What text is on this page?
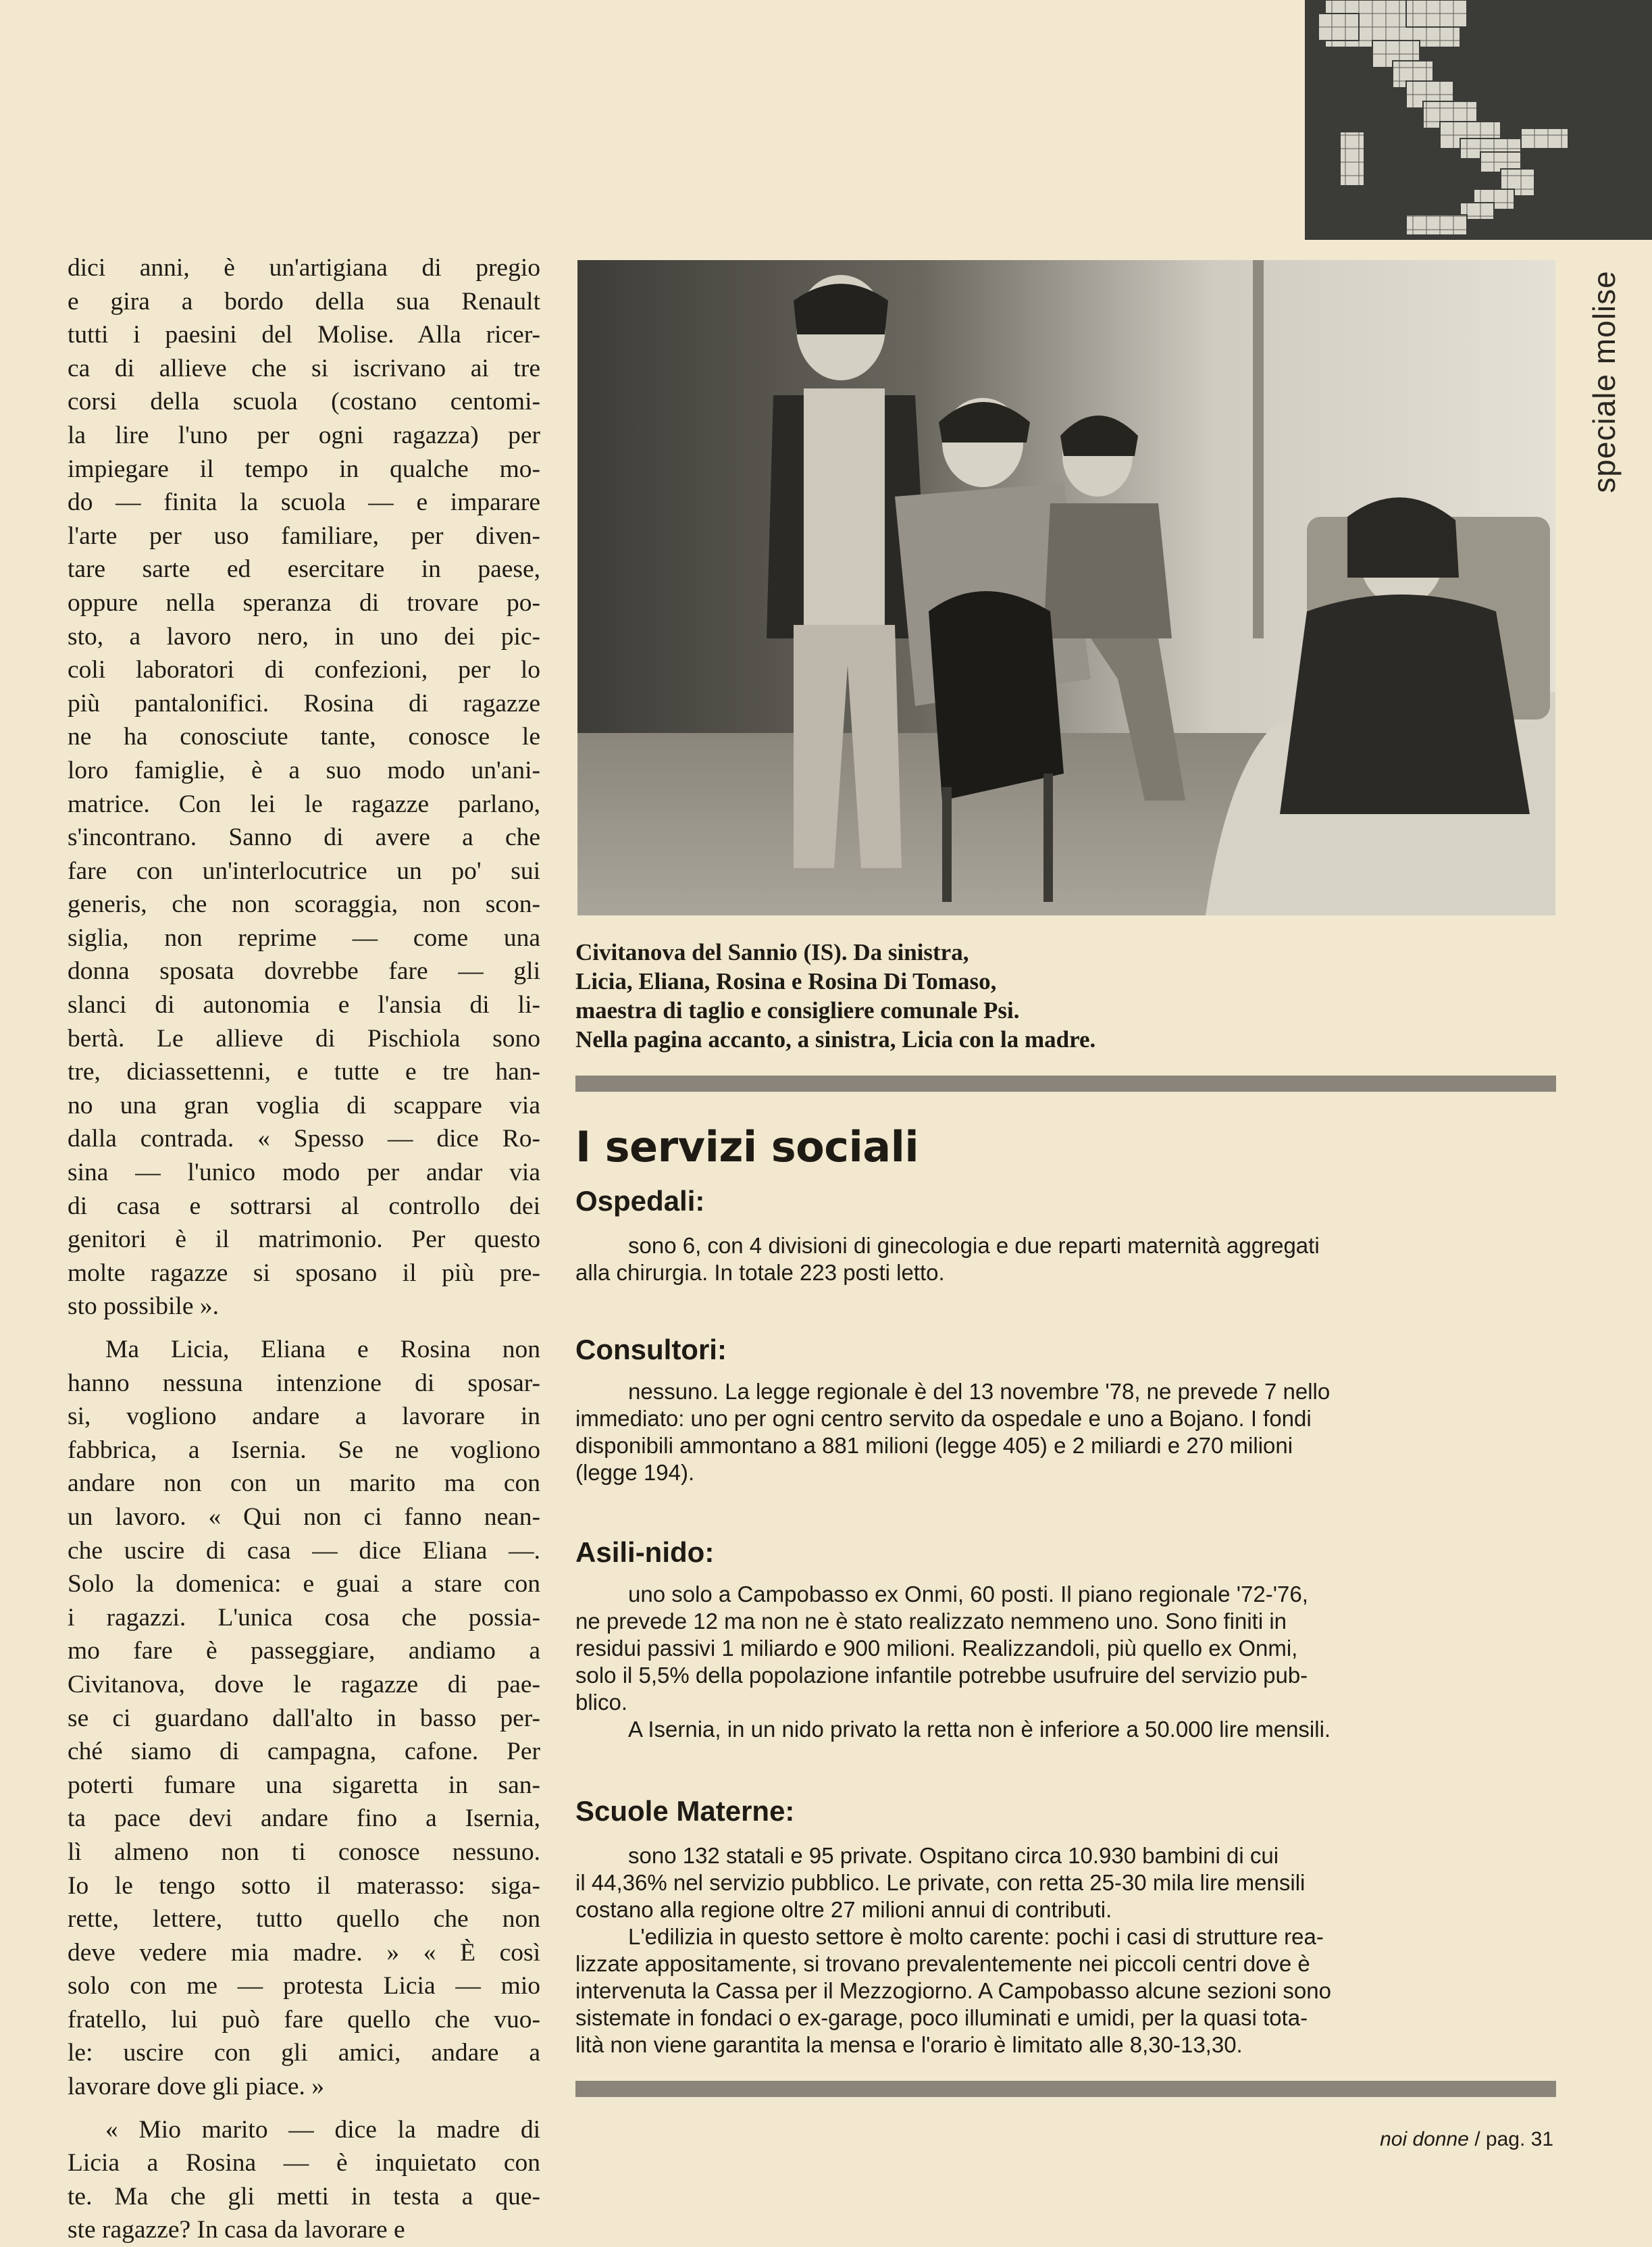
speciale molise

dici anni, è un'artigiana di pregio
e gira a bordo della sua Renault
tutti i paesini del Molise. Alla ricer-
ca di allieve che si iscrivano ai tre
corsi della scuola (costano centomi-
la lire l'uno per ogni ragazza) per
impiegare il tempo in qualche mo-
do — finita la scuola — e imparare
l'arte per uso familiare, per diven-
tare sarte ed esercitare in paese,
oppure nella speranza di trovare po-
sto, a lavoro nero, in uno dei pic-
coli laboratori di confezioni, per lo
più pantalonifici. Rosina di ragazze
ne ha conosciute tante, conosce le
loro famiglie, è a suo modo un'ani-
matrice. Con lei le ragazze parlano,
s'incontrano. Sanno di avere a che
fare con un'interlocutrice un po' sui
generis, che non scoraggia, non scon-
siglia, non reprime — come una
donna sposata dovrebbe fare — gli
slanci di autonomia e l'ansia di li-
bertà. Le allieve di Pischiola sono
tre, diciassettenni, e tutte e tre han-
no una gran voglia di scappare via
dalla contrada. « Spesso — dice Ro-
sina — l'unico modo per andar via
di casa e sottrarsi al controllo dei
genitori è il matrimonio. Per questo
molte ragazze si sposano il più pre-
sto possibile ».

Ma Licia, Eliana e Rosina non
hanno nessuna intenzione di sposar-
si, vogliono andare a lavorare in
fabbrica, a Isernia. Se ne vogliono
andare non con un marito ma con
un lavoro. « Qui non ci fanno nean-
che uscire di casa — dice Eliana —.
Solo la domenica: e guai a stare con
i ragazzi. L'unica cosa che possia-
mo fare è passeggiare, andiamo a
Civitanova, dove le ragazze di pae-
se ci guardano dall'alto in basso per-
ché siamo di campagna, cafone. Per
poterti fumare una sigaretta in san-
ta pace devi andare fino a Isernia,
lì almeno non ti conosce nessuno.
Io le tengo sotto il materasso: siga-
rette, lettere, tutto quello che non
deve vedere mia madre. » « È così
solo con me — protesta Licia — mio
fratello, lui può fare quello che vuo-
le: uscire con gli amici, andare a
lavorare dove gli piace. »

« Mio marito — dice la madre di
Licia a Rosina — è inquietato con
te. Ma che gli metti in testa a que-
ste ragazze? In casa da lavorare e

Civitanova del Sannio (IS). Da sinistra,
Licia, Eliana, Rosina e Rosina Di Tomaso,
maestra di taglio e consigliere comunale Psi.
Nella pagina accanto, a sinistra, Licia con la madre.
I servizi sociali
Ospedali:
sono 6, con 4 divisioni di ginecologia e due reparti maternità aggregati
alla chirurgia. In totale 223 posti letto.
Consultori:
nessuno. La legge regionale è del 13 novembre '78, ne prevede 7 nello
immediato: uno per ogni centro servito da ospedale e uno a Bojano. I fondi
disponibili ammontano a 881 milioni (legge 405) e 2 miliardi e 270 milioni
(legge 194).
Asili-nido:
uno solo a Campobasso ex Onmi, 60 posti. Il piano regionale '72-'76,
ne prevede 12 ma non ne è stato realizzato nemmeno uno. Sono finiti in
residui passivi 1 miliardo e 900 milioni. Realizzandoli, più quello ex Onmi,
solo il 5,5% della popolazione infantile potrebbe usufruire del servizio pub-
blico.
A Isernia, in un nido privato la retta non è inferiore a 50.000 lire mensili.
Scuole Materne:
sono 132 statali e 95 private. Ospitano circa 10.930 bambini di cui
il 44,36% nel servizio pubblico. Le private, con retta 25-30 mila lire mensili
costano alla regione oltre 27 milioni annui di contributi.
L'edilizia in questo settore è molto carente: pochi i casi di strutture rea-
lizzate appositamente, si trovano prevalentemente nei piccoli centri dove è
intervenuta la Cassa per il Mezzogiorno. A Campobasso alcune sezioni sono
sistemate in fondaci o ex-garage, poco illuminati e umidi, per la quasi tota-
lità non viene garantita la mensa e l'orario è limitato alle 8,30-13,30.
noi donne / pag. 31
